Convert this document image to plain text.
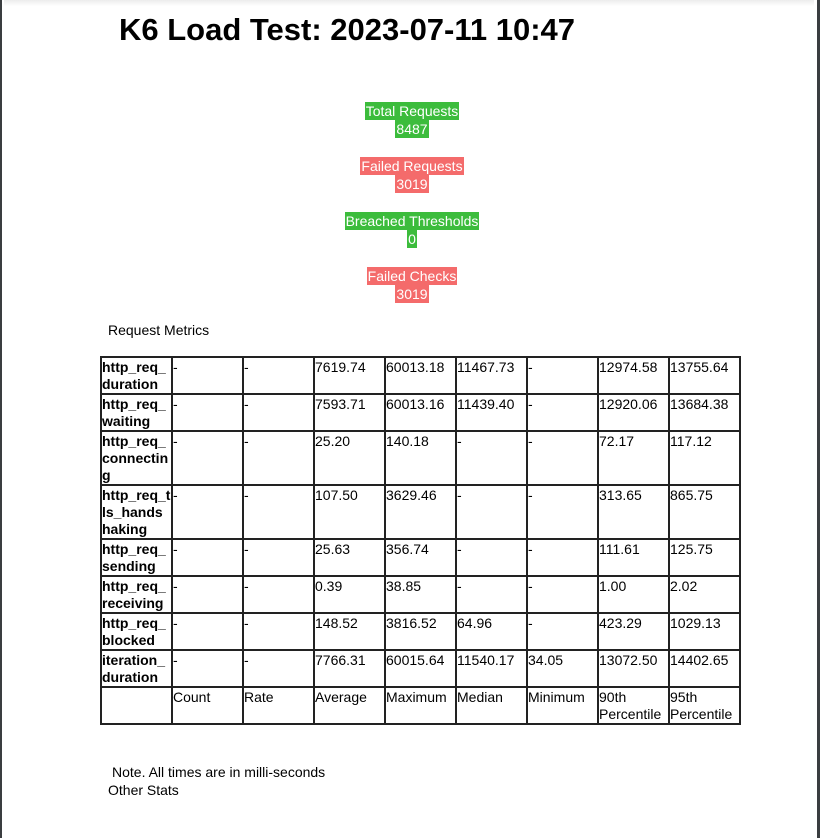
K6 Load Test: 2023-07-11 10:47
Total Requests
8487
Failed Requests
3019
Breached Thresholds
0
Failed Checks
3019
Request Metrics
http_req_duration	-	-	7619.74	60013.18	11467.73	-	12974.58	13755.64
http_req_waiting	-	-	7593.71	60013.16	11439.40	-	12920.06	13684.38
http_req_connecting	-	-	25.20	140.18	-	-	72.17	117.12
http_req_tls_handshaking	-	-	107.50	3629.46	-	-	313.65	865.75
http_req_sending	-	-	25.63	356.74	-	-	111.61	125.75
http_req_receiving	-	-	0.39	38.85	-	-	1.00	2.02
http_req_blocked	-	-	148.52	3816.52	64.96	-	423.29	1029.13
iteration_duration	-	-	7766.31	60015.64	11540.17	34.05	13072.50	14402.65
	Count	Rate	Average	Maximum	Median	Minimum	90th Percentile	95th Percentile
Note. All times are in milli-seconds
Other Stats
